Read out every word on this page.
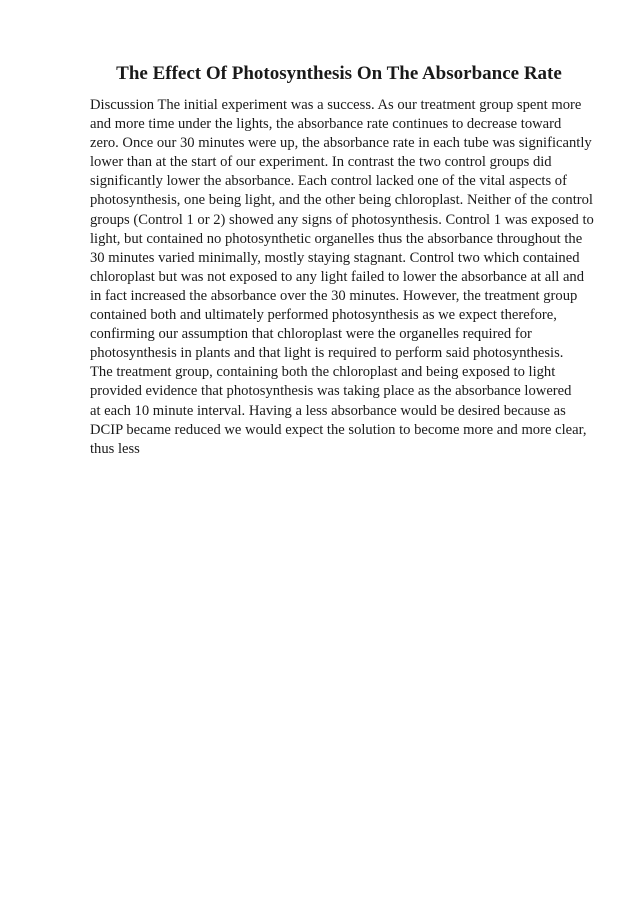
The Effect Of Photosynthesis On The Absorbance Rate
Discussion The initial experiment was a success. As our treatment group spent more
and more time under the lights, the absorbance rate continues to decrease toward
zero. Once our 30 minutes were up, the absorbance rate in each tube was significantly
lower than at the start of our experiment. In contrast the two control groups did
significantly lower the absorbance. Each control lacked one of the vital aspects of
photosynthesis, one being light, and the other being chloroplast. Neither of the control
groups (Control 1 or 2) showed any signs of photosynthesis. Control 1 was exposed to
light, but contained no photosynthetic organelles thus the absorbance throughout the
30 minutes varied minimally, mostly staying stagnant. Control two which contained
chloroplast but was not exposed to any light failed to lower the absorbance at all and
in fact increased the absorbance over the 30 minutes. However, the treatment group
contained both and ultimately performed photosynthesis as we expect therefore,
confirming our assumption that chloroplast were the organelles required for
photosynthesis in plants and that light is required to perform said photosynthesis.
The treatment group, containing both the chloroplast and being exposed to light
provided evidence that photosynthesis was taking place as the absorbance lowered
at each 10 minute interval. Having a less absorbance would be desired because as
DCIP became reduced we would expect the solution to become more and more clear,
thus less
